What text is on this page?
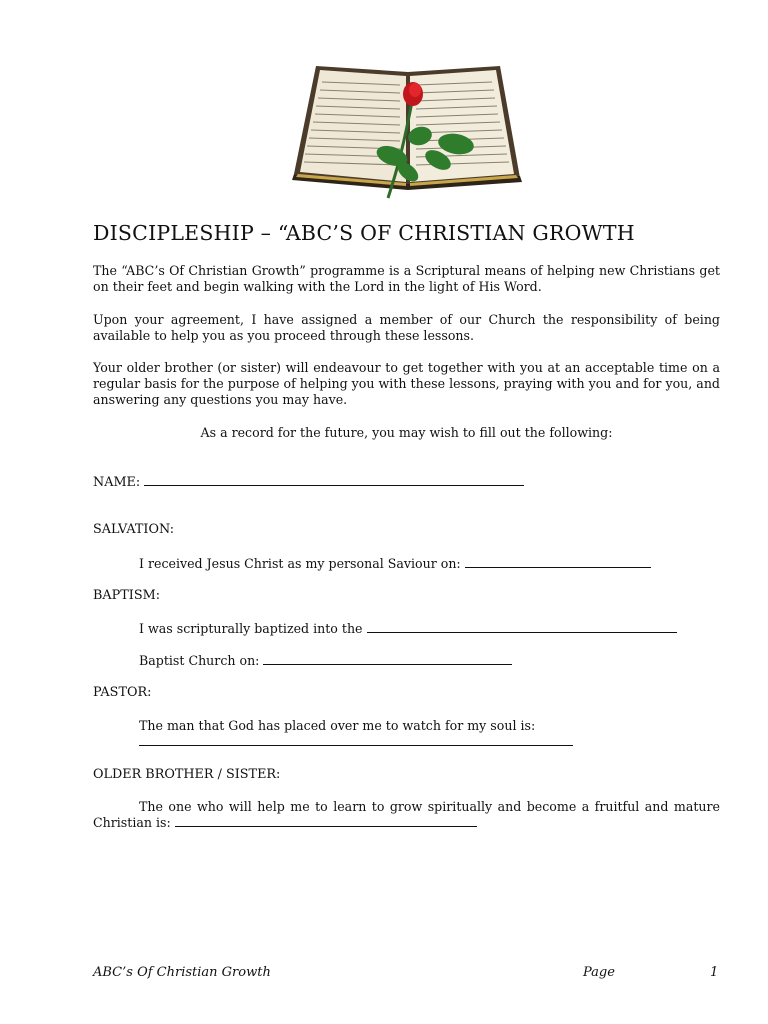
DISCIPLESHIP – “ABC’S OF CHRISTIAN GROWTH
The “ABC’s Of Christian Growth” programme is a Scriptural means of helping new Christians get on their feet and begin walking with the Lord in the light of His Word.
Upon your agreement, I have assigned a member of our Church the responsibility of being available to help you as you proceed through these lessons.
Your older brother (or sister) will endeavour to get together with you at an acceptable time on a regular basis for the purpose of helping you with these lessons, praying with you and for you, and answering any questions you may have.
As a record for the future, you may wish to fill out the following:
NAME:
SALVATION:
I received Jesus Christ as my personal Saviour on:
BAPTISM:
I was scripturally baptized into the
Baptist Church on:
PASTOR:
The man that God has placed over me to watch for my soul is:
OLDER BROTHER / SISTER:
The one who will help me to learn to grow spiritually and become a fruitful and mature
Christian is:
ABC’s Of Christian Growth	Page	1
